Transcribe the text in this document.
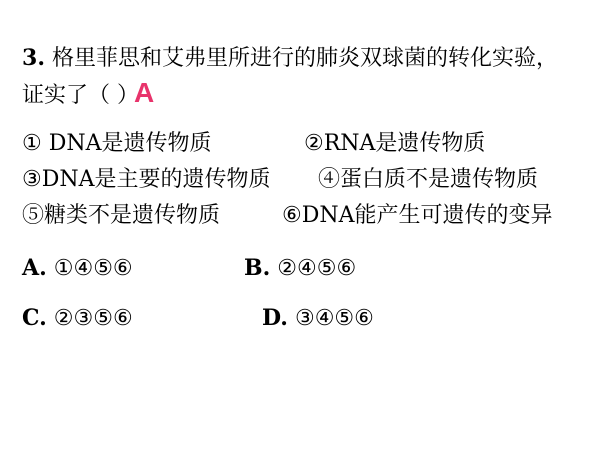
3. 格里菲思和艾弗里所进行的肺炎双球菌的转化实验，
证实了（ ）
A
① DNA是遗传物质	②RNA是遗传物质
③DNA是主要的遗传物质 ④蛋白质不是遗传物质
⑤糖类不是遗传物质	⑥DNA能产生可遗传的变异
A. ①④⑤⑥	B. ②④⑤⑥
C. ②③⑤⑥	D. ③④⑤⑥
